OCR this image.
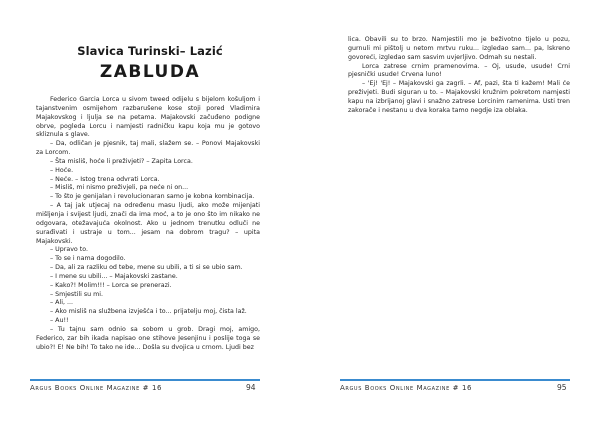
Slavica Turinski– Lazić
ZABLUDA

Federico Garcia Lorca u sivom tweed odijelu s bijelom košuljom i tajanstvenim osmijehom razbarušene kose stoji pored Vladimira Majakovskog i ljulja se na petama. Majakovski začuđeno podigne obrve, pogleda Lorcu i namjesti radničku kapu koja mu je gotovo skliznula s glave.

– Da, odličan je pjesnik, taj mali, slažem se. – Ponovi Majakovski za Lorcom.

– Šta misliš, hoće li preživjeti? – Zapita Lorca.

– Hoće.

– Neće. – Istog trena odvrati Lorca.

– Misliš, mi nismo preživjeli, pa neće ni on...

– To što je genijalan i revolucionaran samo je kobna kombinacija.

– A taj jak utjecaj na određenu masu ljudi, ako može mijenjati mišljenja i svijest ljudi, znači da ima moć, a to je ono što im nikako ne odgovara, otežavajuća okolnost. Ako u jednom trenutku odluči ne surađivati i ustraje u tom... jesam na dobrom tragu? – upita Majakovski.

– Upravo to.

– To se i nama dogodilo.

– Da, ali za razliku od tebe, mene su ubili, a ti si se ubio sam.

– I mene su ubili... – Majakovski zastane.

– Kako?! Molim!!! – Lorca se prenerazi.

– Smjestili su mi.

– Ali, ...

– Ako misliš na službena izvješća i to... prijatelju moj, čista laž.

– Au!!

– Tu tajnu sam odnio sa sobom u grob. Dragi moj, amigo, Federico, zar bih ikada napisao one stihove Jesenjinu i poslije toga se ubio?! E! Ne bih! To tako ne ide... Došla su dvojica u crnom. Ljudi bez

Argus Books Online Magazine # 16	94

lica. Obavili su to brzo. Namjestili mo je beživotno tijelo u pozu, gurnuli mi pištolj u netom mrtvu ruku... izgledao sam... pa, lskreno govoreći, izgledao sam sasvim uvjerljivo. Odmah su nestali.

Lorca zatrese crnim pramenovima. – Oj, usude, usude! Crni pjesnički usude! Crvena luno!

– 'Ej! 'Ej! – Majakovski ga zagrli. – Af, pazi, šta ti kažem! Mali će preživjeti. Budi siguran u to. – Majakovski kružnim pokretom namjesti kapu na izbrijanoj glavi i snažno zatrese Lorcinim ramenima. Usti tren zakorače i nestanu u dva koraka tamo negdje iza oblaka.

Argus Books Online Magazine # 16	95
